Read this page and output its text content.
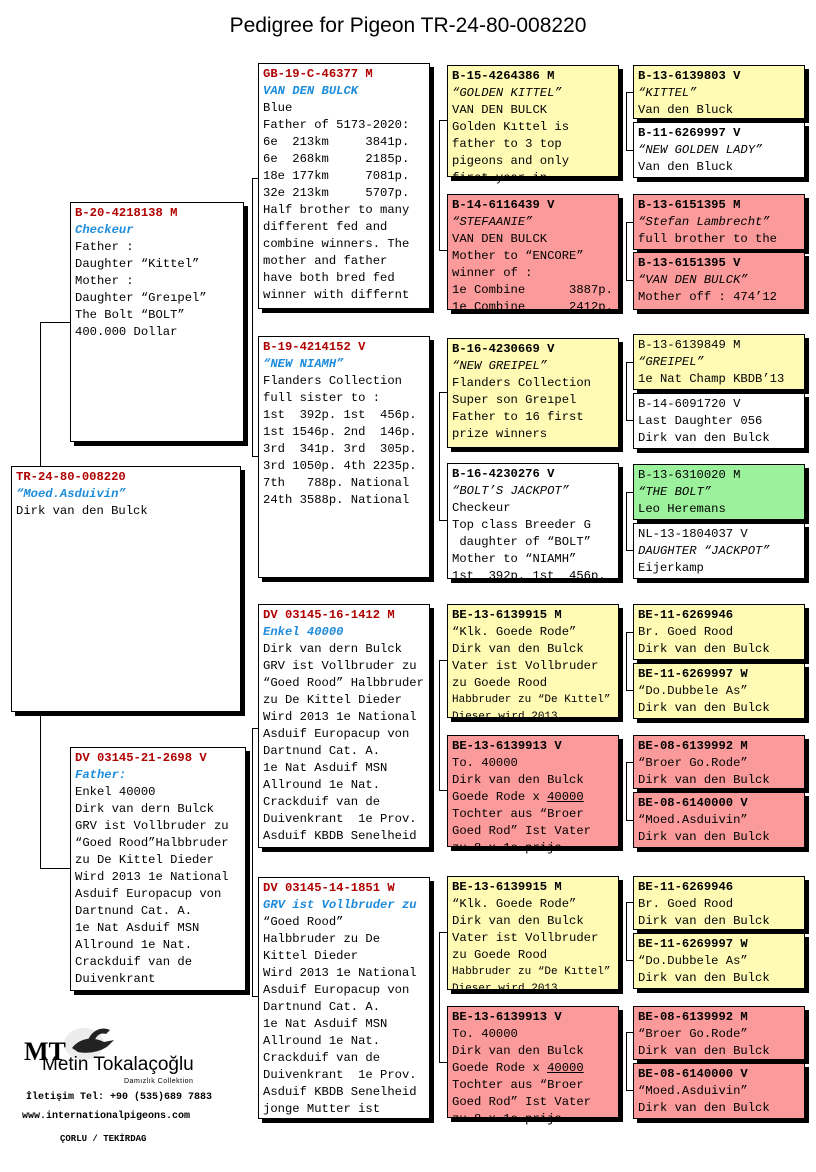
Pedigree for Pigeon TR-24-80-008220
TR-24-80-008220
“Moed.Asduivin”
Dirk van den Bulck
B-20-4218138 M
Checkeur
Father :
Daughter “Kittel”
Mother :
Daughter “Greıpel”
The Bolt “BOLT”
400.000 Dollar
DV 03145-21-2698 V
Father:
Enkel 40000
Dirk van dern Bulck
GRV ist Vollbruder zu
“Goed Rood”Halbbruder
zu De Kittel Dieder
Wird 2013 1e National
Asduif Europacup von
Dartnund Cat. A.
1e Nat Asduif MSN
Allround 1e Nat.
Crackduif van de
Duivenkrant
GB-19-C-46377 M
VAN DEN BULCK
Blue
Father of 5173-2020:
6e  213km     3841p.
6e  268km     2185p.
18e 177km     7081p.
32e 213km     5707p.
Half brother to many
different fed and
combine winners. The
mother and father
have both bred fed
winner with differnt
B-19-4214152 V
“NEW NIAMH”
Flanders Collection
full sister to :
1st  392p. 1st  456p.
1st 1546p. 2nd  146p.
3rd  341p. 3rd  305p.
3rd 1050p. 4th 2235p.
7th   788p. National
24th 3588p. National
DV 03145-16-1412 M
Enkel 40000
Dirk van dern Bulck
GRV ist Vollbruder zu
“Goed Rood” Halbbruder
zu De Kittel Dieder
Wird 2013 1e National
Asduif Europacup von
Dartnund Cat. A.
1e Nat Asduif MSN
Allround 1e Nat.
Crackduif van de
Duivenkrant  1e Prov.
Asduif KBDB Senelheid
DV 03145-14-1851 W
GRV ist Vollbruder zu
“Goed Rood”
Halbbruder zu De
Kittel Dieder
Wird 2013 1e National
Asduif Europacup von
Dartnund Cat. A.
1e Nat Asduif MSN
Allround 1e Nat.
Crackduif van de
Duivenkrant  1e Prov.
Asduif KBDB Senelheid
jonge Mutter ist
B-15-4264386 M
“GOLDEN KITTEL”
VAN DEN BULCK
Golden Kıttel is
father to 3 top
pigeons and only
first year in
B-14-6116439 V
“STEFAANIE”
VAN DEN BULCK
Mother to “ENCORE”
winner of :
1e Combine      3887p.
1e Combine      2412p.
B-16-4230669 V
“NEW GREIPEL”
Flanders Collection
Super son Greıpel
Father to 16 first
prize winners
B-16-4230276 V
“BOLT’S JACKPOT”
Checkeur
Top class Breeder G
daughter of “BOLT”
Mother to “NIAMH”
1st  392p. 1st  456p.
BE-13-6139915 M
“Klk. Goede Rode”
Dirk van den Bulck
Vater ist Vollbruder
zu Goede Rood
Habbruder zu “De Kıttel”
Dieser wird 2013
BE-13-6139913 V
To. 40000
Dirk van den Bulck
Goede Rode x 40000
Tochter aus “Broer
Goed Rod” Ist Vater
zu 8 x 1e prijs
BE-13-6139915 M
“Klk. Goede Rode”
Dirk van den Bulck
Vater ist Vollbruder
zu Goede Rood
Habbruder zu “De Kıttel”
Dieser wird 2013
BE-13-6139913 V
To. 40000
Dirk van den Bulck
Goede Rode x 40000
Tochter aus “Broer
Goed Rod” Ist Vater
zu 8 x 1e prijs
B-13-6139803 V
“KITTEL”
Van den Bluck
B-11-6269997 V
“NEW GOLDEN LADY”
Van den Bluck
B-13-6151395 M
“Stefan Lambrecht”
full brother to the
B-13-6151395 V
“VAN DEN BULCK”
Mother off : 474’12
B-13-6139849 M
“GREIPEL”
1e Nat Champ KBDB’13
B-14-6091720 V
Last Daughter 056
Dirk van den Bulck
B-13-6310020 M
“THE BOLT”
Leo Heremans
NL-13-1804037 V
DAUGHTER “JACKPOT”
Eijerkamp
BE-11-6269946
Br. Goed Rood
Dirk van den Bulck
BE-11-6269997 W
“Do.Dubbele As”
Dirk van den Bulck
BE-08-6139992 M
“Broer Go.Rode”
Dirk van den Bulck
BE-08-6140000 V
“Moed.Asduivin”
Dirk van den Bulck
BE-11-6269946
Br. Goed Rood
Dirk van den Bulck
BE-11-6269997 W
“Do.Dubbele As”
Dirk van den Bulck
BE-08-6139992 M
“Broer Go.Rode”
Dirk van den Bulck
BE-08-6140000 V
“Moed.Asduivin”
Dirk van den Bulck
MT
Metin Tokalaçoğlu
Damızlık Collektion
İletişim Tel: +90 (535)689 7883
www.internationalpigeons.com
ÇORLU / TEKİRDAG
